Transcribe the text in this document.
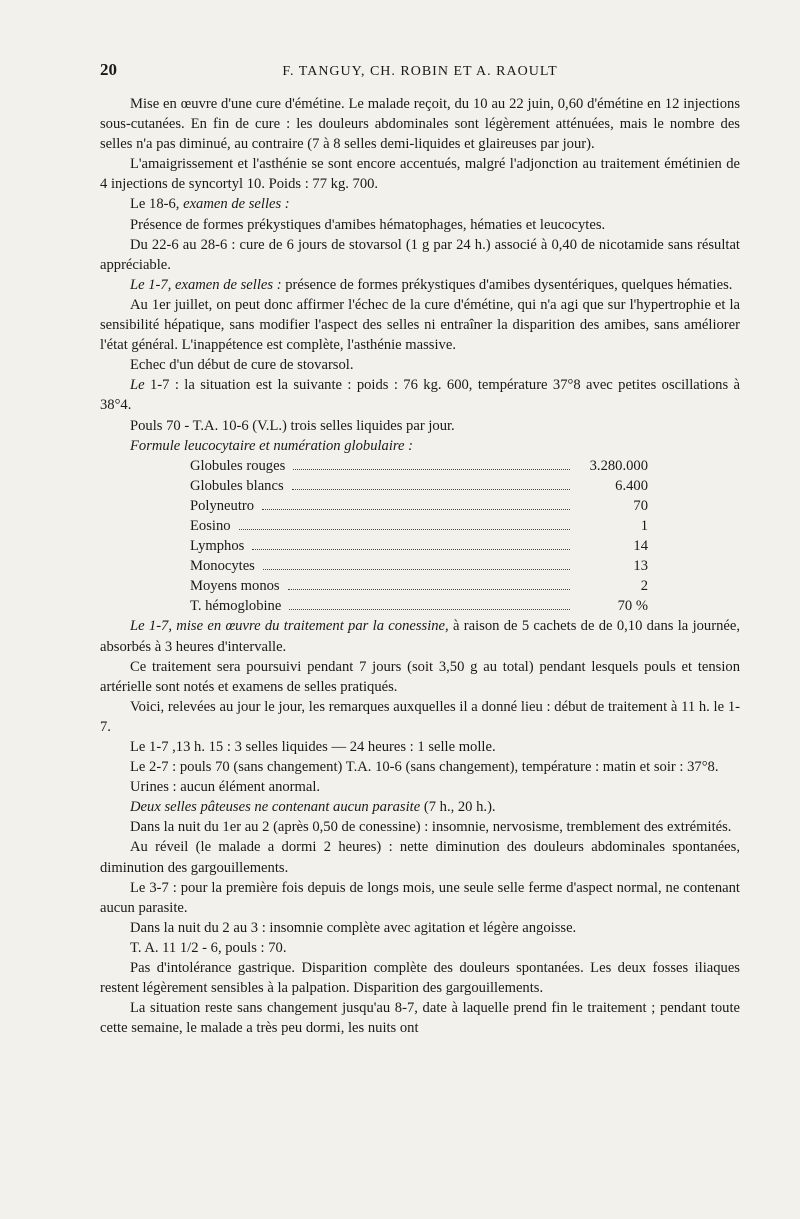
20	F. TANGUY, CH. ROBIN ET A. RAOULT

Mise en œuvre d'une cure d'émétine. Le malade reçoit, du 10 au 22 juin, 0,60 d'émétine en 12 injections sous-cutanées. En fin de cure : les douleurs abdominales sont légèrement atténuées, mais le nombre des selles n'a pas diminué, au contraire (7 à 8 selles demi-liquides et glaireuses par jour).

L'amaigrissement et l'asthénie se sont encore accentués, malgré l'adjonction au traitement émétinien de 4 injections de syncortyl 10. Poids : 77 kg. 700.

Le 18-6, examen de selles :

Présence de formes prékystiques d'amibes hématophages, hématies et leucocytes.

Du 22-6 au 28-6 : cure de 6 jours de stovarsol (1 g par 24 h.) associé à 0,40 de nicotamide sans résultat appréciable.

Le 1-7, examen de selles : présence de formes prékystiques d'amibes dysentériques, quelques hématies.

Au 1er juillet, on peut donc affirmer l'échec de la cure d'émétine, qui n'a agi que sur l'hypertrophie et la sensibilité hépatique, sans modifier l'aspect des selles ni entraîner la disparition des amibes, sans améliorer l'état général. L'inappétence est complète, l'asthénie massive.

Echec d'un début de cure de stovarsol.

Le 1-7 : la situation est la suivante : poids : 76 kg. 600, température 37°8 avec petites oscillations à 38°4.

Pouls 70 - T.A. 10-6 (V.L.) trois selles liquides par jour.

Formule leucocytaire et numération globulaire :

Globules rouges	3.280.000
Globules blancs	6.400
Polyneutro	70
Eosino	1
Lymphos	14
Monocytes	13
Moyens monos	2
T. hémoglobine	70 %

Le 1-7, mise en œuvre du traitement par la conessine, à raison de 5 cachets de de 0,10 dans la journée, absorbés à 3 heures d'intervalle.

Ce traitement sera poursuivi pendant 7 jours (soit 3,50 g au total) pendant lesquels pouls et tension artérielle sont notés et examens de selles pratiqués.

Voici, relevées au jour le jour, les remarques auxquelles il a donné lieu : début de traitement à 11 h. le 1-7.

Le 1-7 ,13 h. 15 : 3 selles liquides — 24 heures : 1 selle molle.

Le 2-7 : pouls 70 (sans changement) T.A. 10-6 (sans changement), température : matin et soir : 37°8.

Urines : aucun élément anormal.

Deux selles pâteuses ne contenant aucun parasite (7 h., 20 h.).

Dans la nuit du 1er au 2 (après 0,50 de conessine) : insomnie, nervosisme, tremblement des extrémités.

Au réveil (le malade a dormi 2 heures) : nette diminution des douleurs abdominales spontanées, diminution des gargouillements.

Le 3-7 : pour la première fois depuis de longs mois, une seule selle ferme d'aspect normal, ne contenant aucun parasite.

Dans la nuit du 2 au 3 : insomnie complète avec agitation et légère angoisse.

T. A. 11 1/2 - 6, pouls : 70.

Pas d'intolérance gastrique. Disparition complète des douleurs spontanées. Les deux fosses iliaques restent légèrement sensibles à la palpation. Disparition des gargouillements.

La situation reste sans changement jusqu'au 8-7, date à laquelle prend fin le traitement ; pendant toute cette semaine, le malade a très peu dormi, les nuits ont
